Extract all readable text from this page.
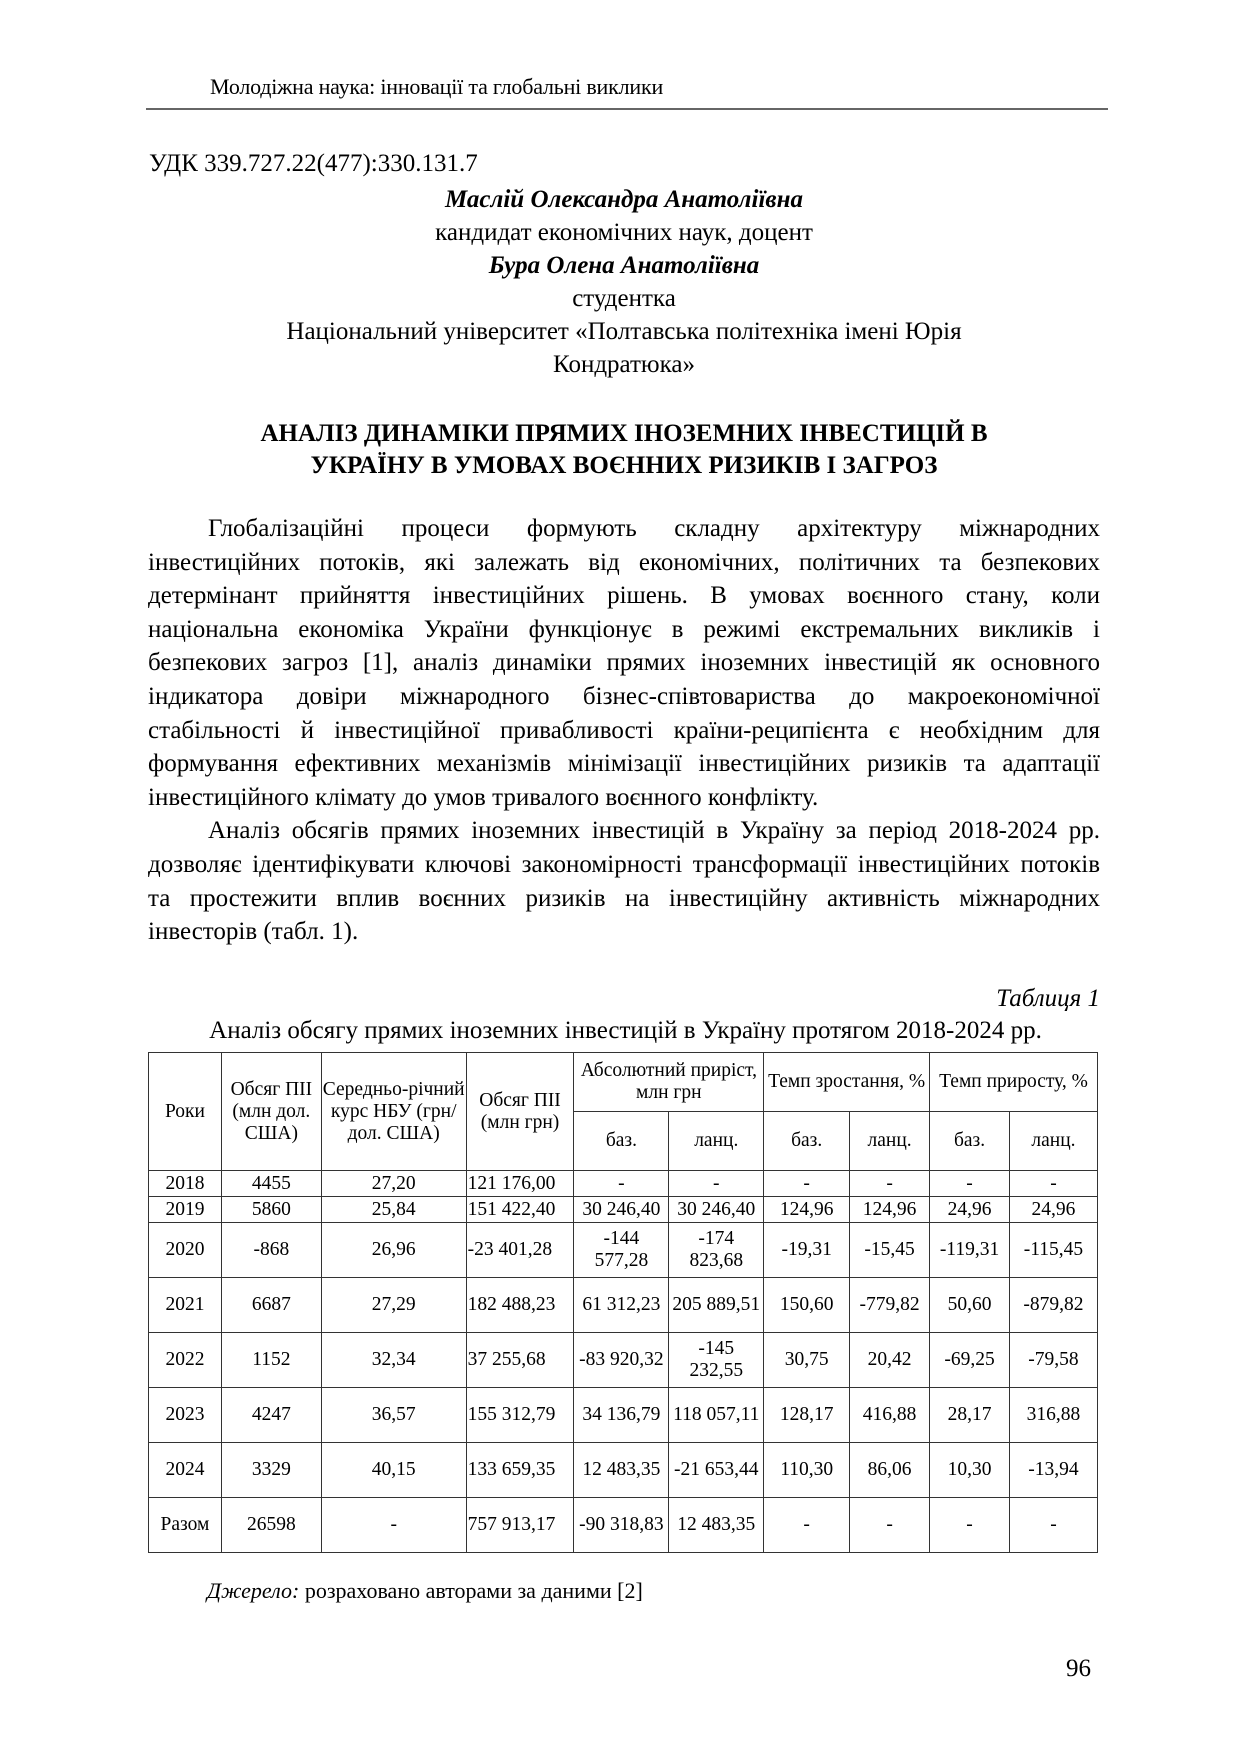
Молодіжна наука: інновації та глобальні виклики
УДК 339.727.22(477):330.131.7
Маслій Олександра Анатоліївна
кандидат економічних наук, доцент
Бура Олена Анатоліївна
студентка
Національний університет «Полтавська політехніка імені Юрія
Кондратюка»
АНАЛІЗ ДИНАМІКИ ПРЯМИХ ІНОЗЕМНИХ ІНВЕСТИЦІЙ В
УКРАЇНУ В УМОВАХ ВОЄННИХ РИЗИКІВ І ЗАГРОЗ

Глобалізаційні процеси формують складну архітектуру міжнародних інвестиційних потоків, які залежать від економічних, політичних та безпекових детермінант прийняття інвестиційних рішень. В умовах воєнного стану, коли національна економіка України функціонує в режимі екстремальних викликів і безпекових загроз [1], аналіз динаміки прямих іноземних інвестицій як основного індикатора довіри міжнародного бізнес-співтовариства до макроекономічної стабільності й інвестиційної привабливості країни-реципієнта є необхідним для формування ефективних механізмів мінімізації інвестиційних ризиків та адаптації інвестиційного клімату до умов тривалого воєнного конфлікту.

Аналіз обсягів прямих іноземних інвестицій в Україну за період 2018-2024 рр. дозволяє ідентифікувати ключові закономірності трансформації інвестиційних потоків та простежити вплив воєнних ризиків на інвестиційну активність міжнародних інвесторів (табл. 1).

Таблиця 1
Аналіз обсягу прямих іноземних інвестицій в Україну протягом 2018-2024 рр.
Роки	Обсяг ПІІ (млн дол. США)	Середньо-річний курс НБУ (грн/дол. США)	Обсяг ПІІ (млн грн)	Абсолютний приріст, млн грн		Темп зростання, %		Темп приросту, %	
				баз.	ланц.	баз.	ланц.	баз.	ланц.
2018	4455	27,20	121 176,00	-	-	-	-	-	-
2019	5860	25,84	151 422,40	30 246,40	30 246,40	124,96	124,96	24,96	24,96
2020	-868	26,96	-23 401,28	-144 577,28	-174 823,68	-19,31	-15,45	-119,31	-115,45
2021	6687	27,29	182 488,23	61 312,23	205 889,51	150,60	-779,82	50,60	-879,82
2022	1152	32,34	37 255,68	-83 920,32	-145 232,55	30,75	20,42	-69,25	-79,58
2023	4247	36,57	155 312,79	34 136,79	118 057,11	128,17	416,88	28,17	316,88
2024	3329	40,15	133 659,35	12 483,35	-21 653,44	110,30	86,06	10,30	-13,94
Разом	26598	-	757 913,17	-90 318,83	12 483,35	-	-	-	-
Джерело: розраховано авторами за даними [2]
96
